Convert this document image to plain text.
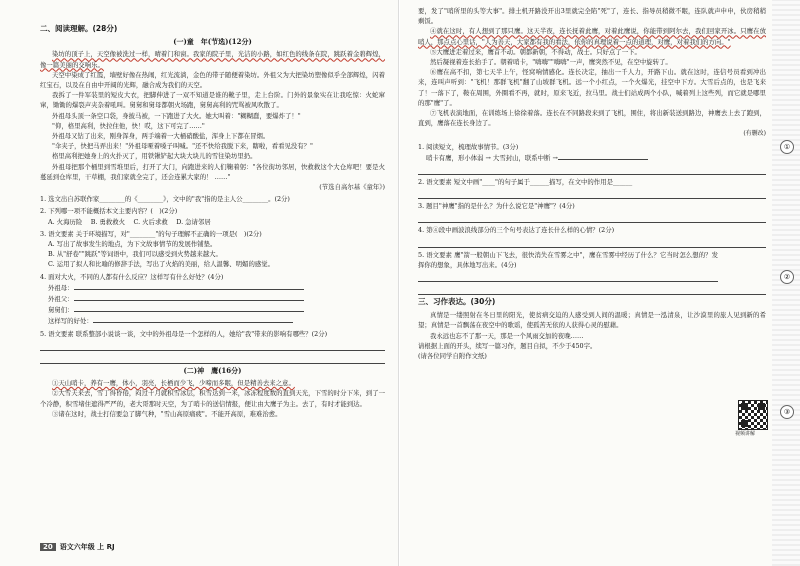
二、阅读理解。(28分)
(一)童　年(节选)(12分)

染坊的顶子上，天空像被洗过一样，晴着门和窗。我家的院子里，光洁的小路，如红色的线条在院，跳跃着金碧辉煌，像一篇美丽的交响乐。

天空中染成了红霞，墙壁好像在热闹，红光流淌，金色的带子随便着染坊。外祖父为大把染坊塑像似乎全部辉煌，闪着红宝石，以及在自由中开阔的光辉，融合成为我们的天空。

我拆了一件军装里的短皮大衣，把脚伸进了一双不知道是谁的靴子里，走上台阶。门外的景象实在让我吃惊：火蛇窜窜，锄锄的爆裂声夹杂着吼叫。舅舅和舅母都朝火场跑，舅舅高利的咒骂被风吹散了。

外祖母头顶一条空口袋，身披马被，一下跑进了大火。她大叫着："糊糊蠢，要爆炸了！"

"仰，格里高利，快拉住他，快！哎，这下可完了……"

外祖母又钻了出来，刚身浑身，两手端着一大桶硝酸盐，浑身上下都在冒烟。

"伞夹子，快把马弄出来！"外祖母哑着嗓子叫喊。"还不快给我脱下来，瞎啦，看看见没有？"

格里高利把她身上的火扑灭了，用铁锹铲起大块大块儿的雪往染坊里扔。

外祖母把那个桶里到雪堆里后，打开了大门，向跑进来的人们鞠着躬："各位街坊邻居，快救救这个大仓库吧！要是火蔓延到仓库里，干草棚，我们家就全完了，还会连累大家的！ ……"

(节选自高尔基《童年》)

1. 选文出自苏联作家________的《________》，文中的"我"指的是主人公________。(2分)

2. 下列哪一项不能概括本文主要内容？(　)(2分)

A. 火海历险　 B. 勇救救火　 C. 火后求救　 D. 急请邻居

3. 语文要素 关于环境描写，对"________"的句子理解不正确的一项是(　)(2分)

A. 写出了故事发生的地点，为下文故事情节的发展作铺垫。

B. 从"舒卷""跳跃"等词语中，我们可以感受到火势越来越大。

C. 运用了拟人和比喻的修辞手法，写出了火焰的美丽，给人温馨、明媚的感觉。

4. 面对大火，不同的人都有什么反应？这样写有什么好处？(4分)

外祖母：
外祖父：
舅舅们：
这样写的好处：

5. 语文要素 联系整部小说谈一谈，文中的外祖母是一个怎样的人，她给"我"带来的影响有哪些？(2分)

(二)神　鹰(16分)

①天山哨卡，养有一鹰，体小，羽亮，长栖而少飞，少啼而多眠，但是精善去来之意。

②大雪天来去，雪丁得昏倦，闷过十月就积雪冰层，积雪达到一米，冰冻程度数的直到天光，下雪的时分下米，到了一个冷静，积雪堵住遮得严严的，老大哥那时天空，为了哨卡的送信情报，便让由大鹰子为主。去了，有时才能到达。

③诸在这时，战士打信要急了脚气种，"雪山高原痛疲"。不能开高原，难难治愈。

20 语文六年级 上 RJ

要，发了"哨所里的头等大事"。排土机开路没开出3里就完全陷"死"了，连长、指导员稍微不眠，连队就声申申，伙房稍稍剩饭。

④就在这时，有人想到了那只鹰。这天半夜，连长抚着此鹰，对着此鹰说，你能带到阿尔去，我们回家开冰。只鹰在放哨人，那点点心里话，"人为善天，大家都有我的看法，依你的真理说着一点的道理，对鹰，对着我们的方向。"

⑤大鹰进走着过来，鹰首不动。朝都新朝，不得动，战士。只好点了一下。

然后凝视着连长抬手了。朝着哨卡，"嗨嗨""嗨嗨"一声，鹰突然不见，在空中旋转了。

⑥鹰在高不扣，第七天半上午，怪窝响情感化。连长决定，抽出一千人力，开路下山。就在这时，连信号员看到冲出来，连叫声听到："飞机！那群飞机"翻了山坡群飞机。远一个小红点，一个火爆光，挂空中下方。大雪后点的，也是飞来了！一落下了，鞍在周围，外圈看不再，就时，原来飞近，拉马里。战士们站成两个小队，喊着列上这些列，而它就是哪里的那"鹰"了。

⑦飞机表演地面，在训练场上徐徐着落。连长在不同路段来到了飞机，围住，将出新装送到路边，神鹰去上去了跑到，直到，鹰落在连长身边了。

(有删改)

1. 阅读短文，梳理故事情节。(3分)

哨卡有鹰，形小体弱 → 大雪封山，联系中断 →

2. 语文要素 短文中画"____"的句子属于______描写，在文中的作用是______

3. 题目"神鹰"指的是什么？为什么说它是"神鹰"？(4分)

4. 第④段中画波浪线部分的三个句号表达了连长什么样的心情？(2分)

5. 语文要素 鹰"箭一般朝山下飞去，很快消失在雪雾之中"，鹰在雪雾中经历了什么？它当时怎么想的？发挥你的想象，具体地写出来。(4分)

三、习作表达。(30分)

真情是一缕照射在冬日里的阳光，使贫病交迫的人感受到人间的温暖；真情是一泓清泉，让沙漠里的旅人见到新的希望；真情是一首飘荡在夜空中的歌谣，使孤苦无依的人获得心灵的慰藉。

我永远也忘不了那一天，那是一个风雨交加的夜晚……

请根据上面的开头，续写一篇习作，题目自拟，不少于450字。

(请各位同学自附作文纸)

①
②
③
视频讲解
